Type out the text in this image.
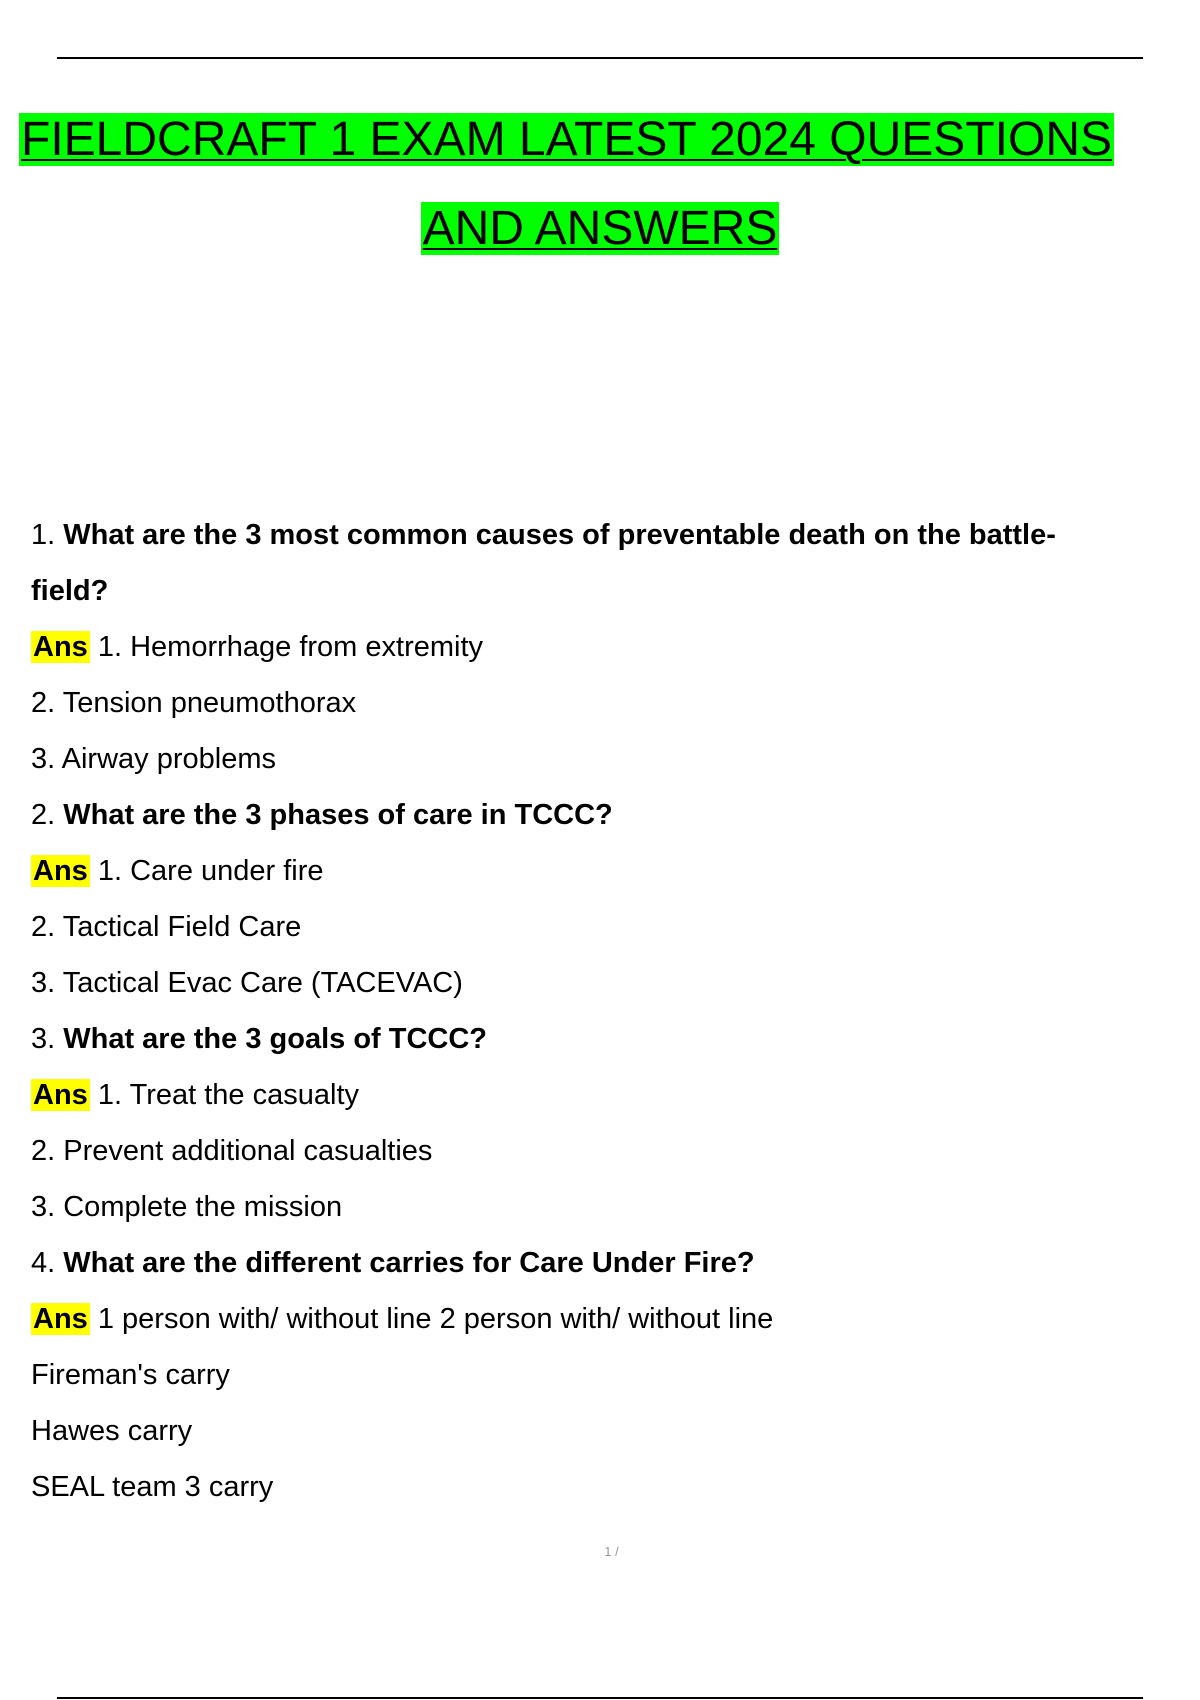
FIELDCRAFT 1 EXAM LATEST 2024 QUESTIONS
AND ANSWERS
1. What are the 3 most common causes of preventable death on the battle-
field?
Ans 1. Hemorrhage from extremity
2. Tension pneumothorax
3. Airway problems
2. What are the 3 phases of care in TCCC?
Ans 1. Care under fire
2. Tactical Field Care
3. Tactical Evac Care (TACEVAC)
3. What are the 3 goals of TCCC?
Ans 1. Treat the casualty
2. Prevent additional casualties
3. Complete the mission
4. What are the different carries for Care Under Fire?
Ans 1 person with/ without line 2 person with/ without line
Fireman's carry
Hawes carry
SEAL team 3 carry
1 /
